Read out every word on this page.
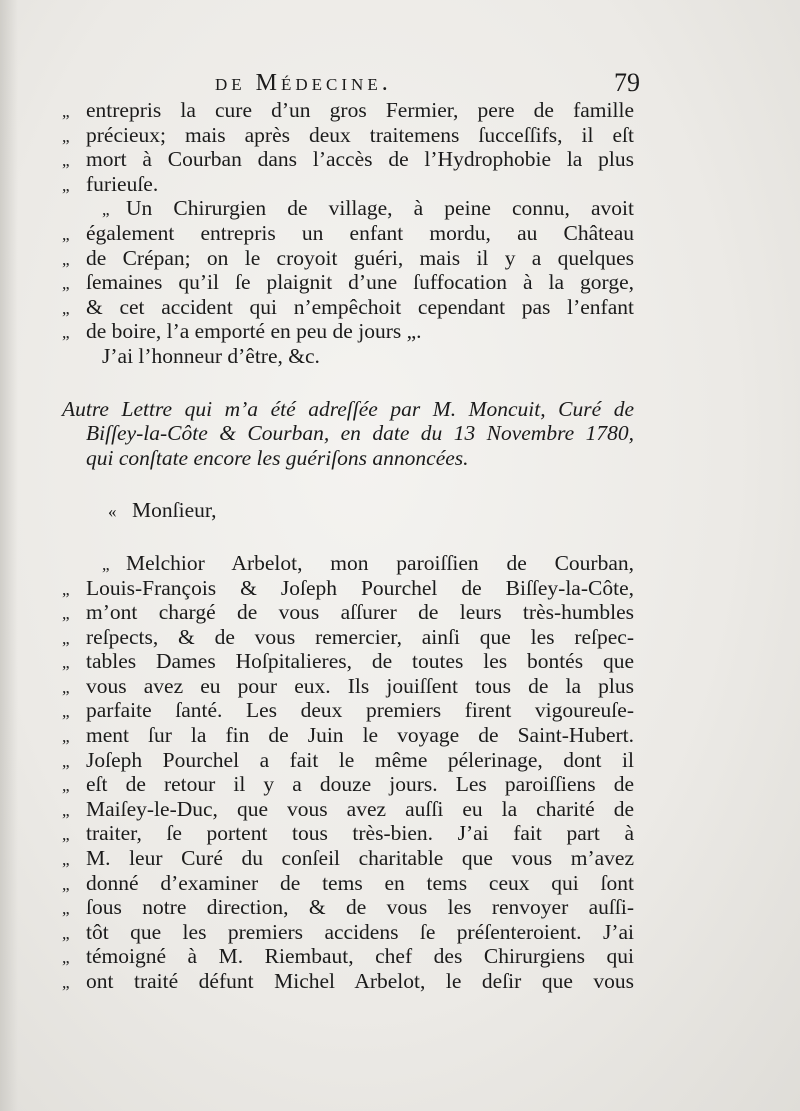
de Médecine.	79
„ entrepris la cure d’un gros Fermier, pere de famille
„ précieux; mais après deux traitemens ſucceſſifs, il eſt
„ mort à Courban dans l’accès de l’Hydrophobie la plus
„ furieuſe.
„ Un Chirurgien de village, à peine connu, avoit
„ également entrepris un enfant mordu, au Château
„ de Crépan; on le croyoit guéri, mais il y a quelques
„ ſemaines qu’il ſe plaignit d’une ſuffocation à la gorge,
„ & cet accident qui n’empêchoit cependant pas l’enfant
„ de boire, l’a emporté en peu de jours „.
J’ai l’honneur d’être, &c.
Autre Lettre qui m’a été adreſſée par M. Moncuit, Curé de
Biſſey-la-Côte & Courban, en date du 13 Novembre 1780,
qui conſtate encore les guériſons annoncées.
« Monſieur,
„ Melchior Arbelot, mon paroiſſien de Courban,
„ Louis-François & Joſeph Pourchel de Biſſey-la-Côte,
„ m’ont chargé de vous aſſurer de leurs très-humbles
„ reſpects, & de vous remercier, ainſi que les reſpec-
„ tables Dames Hoſpitalieres, de toutes les bontés que
„ vous avez eu pour eux. Ils jouiſſent tous de la plus
„ parfaite ſanté. Les deux premiers firent vigoureuſe-
„ ment ſur la fin de Juin le voyage de Saint-Hubert.
„ Joſeph Pourchel a fait le même pélerinage, dont il
„ eſt de retour il y a douze jours. Les paroiſſiens de
„ Maiſey-le-Duc, que vous avez auſſi eu la charité de
„ traiter, ſe portent tous très-bien. J’ai fait part à
„ M. leur Curé du conſeil charitable que vous m’avez
„ donné d’examiner de tems en tems ceux qui ſont
„ ſous notre direction, & de vous les renvoyer auſſi-
„ tôt que les premiers accidens ſe préſenteroient. J’ai
„ témoigné à M. Riembaut, chef des Chirurgiens qui
„ ont traité défunt Michel Arbelot, le deſir que vous
